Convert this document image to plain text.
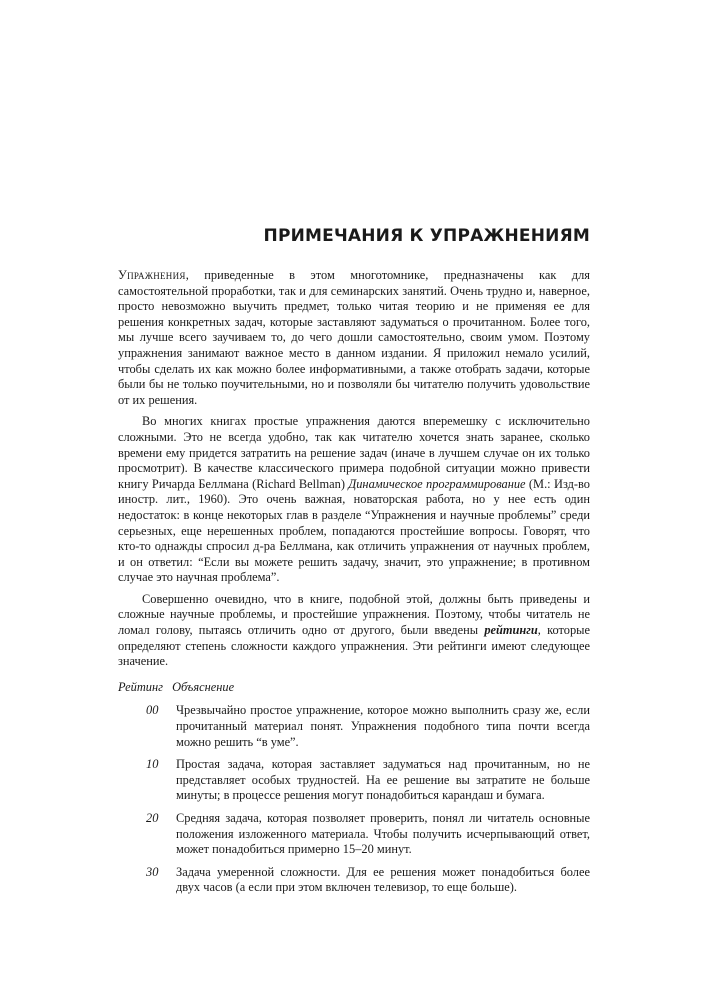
ПРИМЕЧАНИЯ К УПРАЖНЕНИЯМ

Упражнения, приведенные в этом многотомнике, предназначены как для самостоятельной проработки, так и для семинарских занятий. Очень трудно и, наверное, просто невозможно выучить предмет, только читая теорию и не применяя ее для решения конкретных задач, которые заставляют задуматься о прочитанном. Более того, мы лучше всего заучиваем то, до чего дошли самостоятельно, своим умом. Поэтому упражнения занимают важное место в данном издании. Я приложил немало усилий, чтобы сделать их как можно более информативными, а также отобрать задачи, которые были бы не только поучительными, но и позволяли бы читателю получить удовольствие от их решения.

Во многих книгах простые упражнения даются вперемешку с исключительно сложными. Это не всегда удобно, так как читателю хочется знать заранее, сколько времени ему придется затратить на решение задач (иначе в лучшем случае он их только просмотрит). В качестве классического примера подобной ситуации можно привести книгу Ричарда Беллмана (Richard Bellman) Динамическое программирование (М.: Изд-во иностр. лит., 1960). Это очень важная, новаторская работа, но у нее есть один недостаток: в конце некоторых глав в разделе “Упражнения и научные проблемы” среди серьезных, еще нерешенных проблем, попадаются простейшие вопросы. Говорят, что кто-то однажды спросил д-ра Беллмана, как отличить упражнения от научных проблем, и он ответил: “Если вы можете решить задачу, значит, это упражнение; в противном случае это научная проблема”.

Совершенно очевидно, что в книге, подобной этой, должны быть приведены и сложные научные проблемы, и простейшие упражнения. Поэтому, чтобы читатель не ломал голову, пытаясь отличить одно от другого, были введены рейтинги, которые определяют степень сложности каждого упражнения. Эти рейтинги имеют следующее значение.

Рейтинг Объяснение
00	Чрезвычайно простое упражнение, которое можно выполнить сразу же, если прочитанный материал понят. Упражнения подобного типа почти всегда можно решить “в уме”.
10	Простая задача, которая заставляет задуматься над прочитанным, но не представляет особых трудностей. На ее решение вы затратите не больше минуты; в процессе решения могут понадобиться карандаш и бумага.
20	Средняя задача, которая позволяет проверить, понял ли читатель основные положения изложенного материала. Чтобы получить исчерпывающий ответ, может понадобиться примерно 15–20 минут.
30	Задача умеренной сложности. Для ее решения может понадобиться более двух часов (а если при этом включен телевизор, то еще больше).
